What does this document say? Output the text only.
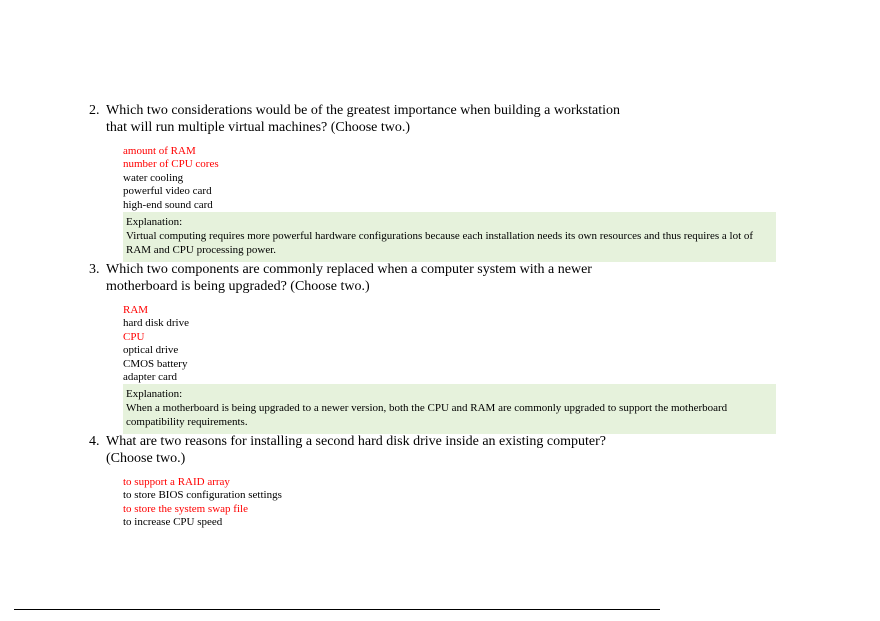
2. Which two considerations would be of the greatest importance when building a workstation
that will run multiple virtual machines? (Choose two.)
amount of RAM
number of CPU cores
water cooling
powerful video card
high-end sound card
Explanation:
Virtual computing requires more powerful hardware configurations because each installation needs its own resources and thus requires a lot of RAM and CPU processing power.
3. Which two components are commonly replaced when a computer system with a newer
motherboard is being upgraded? (Choose two.)
RAM
hard disk drive
CPU
optical drive
CMOS battery
adapter card
Explanation:
When a motherboard is being upgraded to a newer version, both the CPU and RAM are commonly upgraded to support the motherboard compatibility requirements.
4. What are two reasons for installing a second hard disk drive inside an existing computer?
(Choose two.)
to support a RAID array
to store BIOS configuration settings
to store the system swap file
to increase CPU speed
